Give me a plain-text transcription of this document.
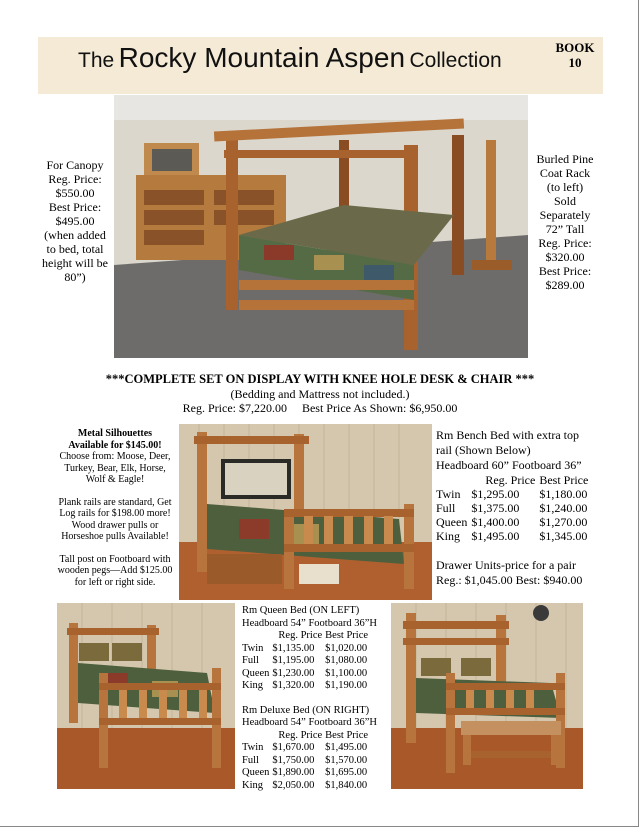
The Rocky Mountain Aspen Collection
BOOK
10
For Canopy
Reg. Price:
$550.00
Best Price:
$495.00
(when added
to bed, total
height will be
80”)
Burled Pine
Coat Rack
(to left)
Sold
Separately
72” Tall
Reg. Price:
$320.00
Best Price:
$289.00
***COMPLETE SET ON DISPLAY WITH KNEE HOLE DESK & CHAIR ***
(Bedding and Mattress not included.)
Reg. Price: $7,220.00     Best Price As Shown: $6,950.00
Metal Silhouettes
Available for $145.00!
Choose from: Moose, Deer,
Turkey, Bear, Elk, Horse,
Wolf & Eagle!
Plank rails are standard, Get
Log rails for $198.00 more!
Wood drawer pulls or
Horseshoe pulls Available!
Tall post on Footboard with
wooden pegs—Add $125.00
for left or right side.
Rm Bench Bed with extra top
rail (Shown Below)
Headboard 60” Footboard 36”
	Reg. Price	Best Price
Twin	$1,295.00	$1,180.00
Full	$1,375.00	$1,240.00
Queen	$1,400.00	$1,270.00
King	$1,495.00	$1,345.00
Drawer Units-price for a pair
Reg.: $1,045.00 Best: $940.00
Rm Queen Bed (ON LEFT)
Headboard 54” Footboard 36”H
	Reg. Price	Best Price
Twin	$1,135.00	$1,020.00
Full	$1,195.00	$1,080.00
Queen	$1,230.00	$1,100.00
King	$1,320.00	$1,190.00
Rm Deluxe Bed (ON RIGHT)
Headboard 54” Footboard 36”H
	Reg. Price	Best Price
Twin	$1,670.00	$1,495.00
Full	$1,750.00	$1,570.00
Queen	$1,890.00	$1,695.00
King	$2,050.00	$1,840.00
